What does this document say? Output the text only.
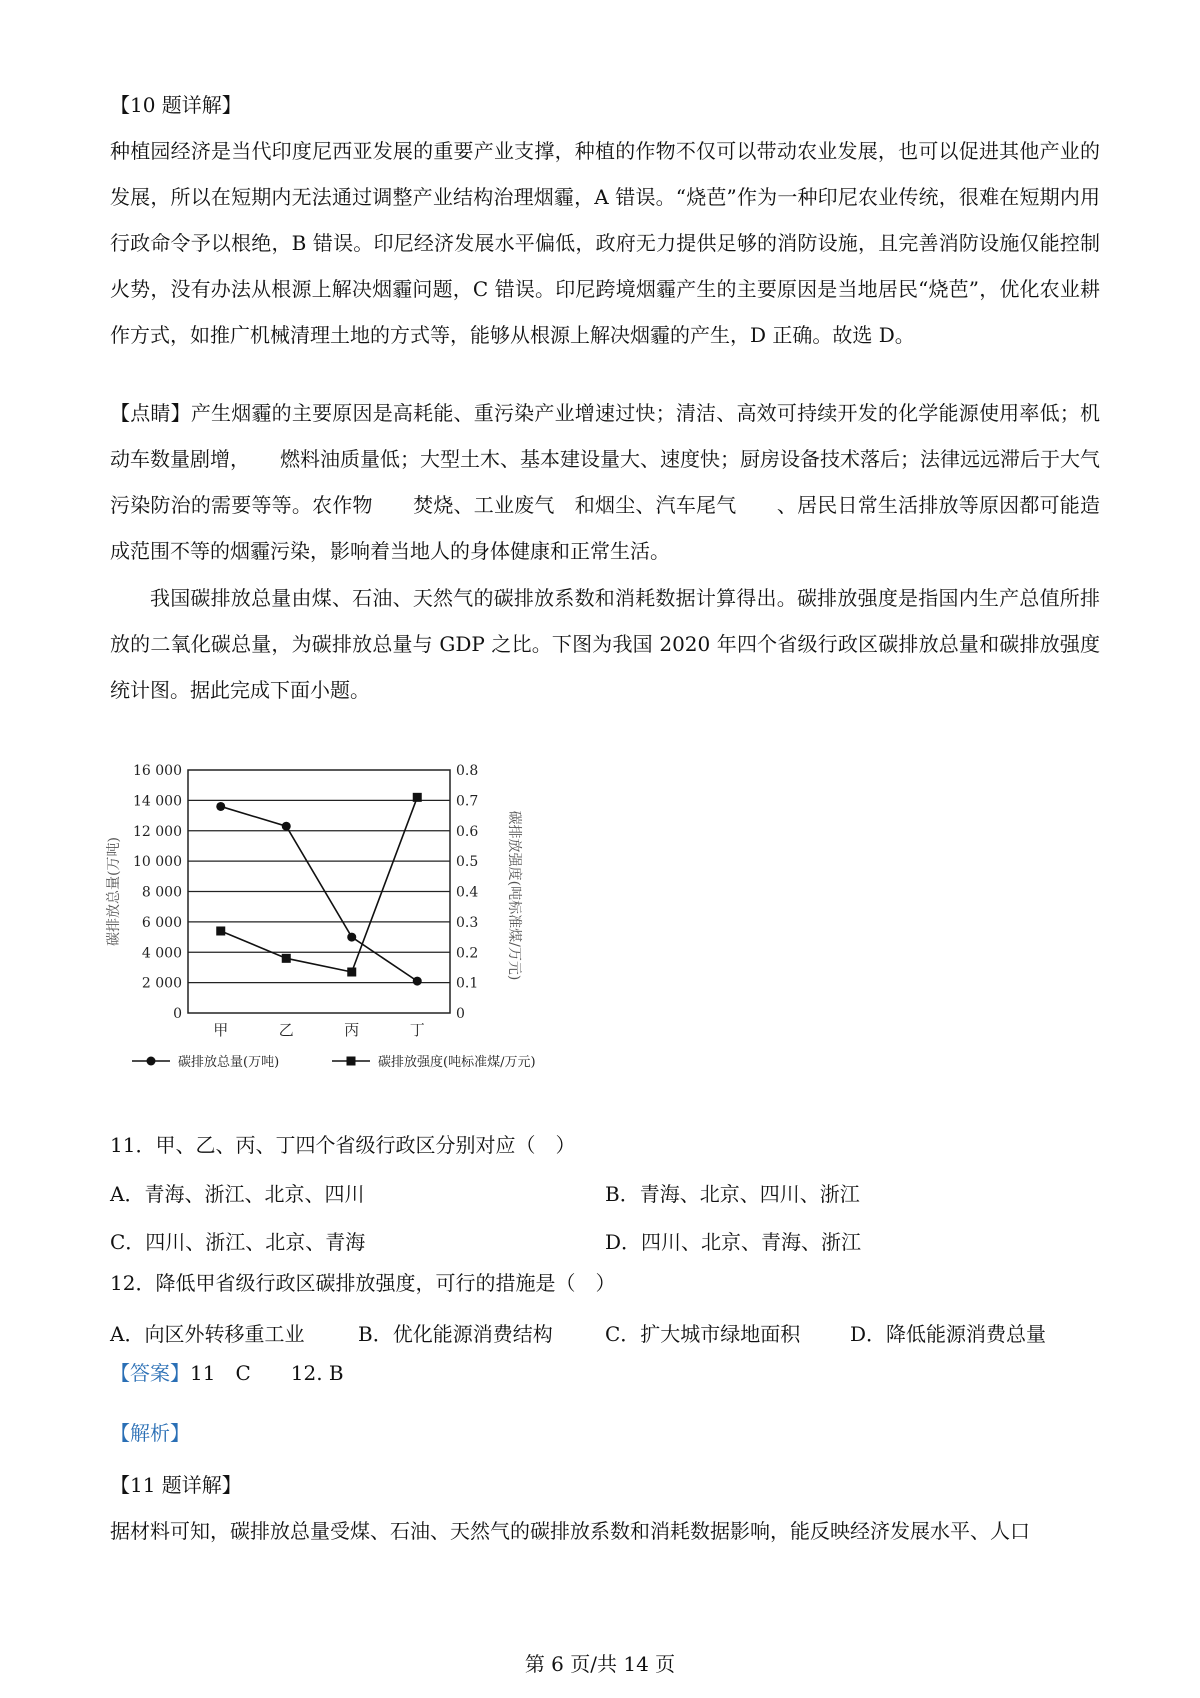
【10 题详解】

种植园经济是当代印度尼西亚发展的重要产业支撑，种植的作物不仅可以带动农业发展，也可以促进其他产业的发展，所以在短期内无法通过调整产业结构治理烟霾，A 错误。“烧芭”作为一种印尼农业传统，很难在短期内用行政命令予以根绝，B 错误。印尼经济发展水平偏低，政府无力提供足够的消防设施，且完善消防设施仅能控制火势，没有办法从根源上解决烟霾问题，C 错误。印尼跨境烟霾产生的主要原因是当地居民“烧芭”，优化农业耕作方式，如推广机械清理土地的方式等，能够从根源上解决烟霾的产生，D 正确。故选 D。

【点睛】产生烟霾的主要原因是高耗能、重污染产业增速过快；清洁、高效可持续开发的化学能源使用率低；机动车数量剧增，　　燃料油质量低；大型土木、基本建设量大、速度快；厨房设备技术落后；法律远远滞后于大气污染防治的需要等等。农作物　　焚烧、工业废气　和烟尘、汽车尾气　　、居民日常生活排放等原因都可能造成范围不等的烟霾污染，影响着当地人的身体健康和正常生活。

我国碳排放总量由煤、石油、天然气的碳排放系数和消耗数据计算得出。碳排放强度是指国内生产总值所排放的二氧化碳总量，为碳排放总量与 GDP 之比。下图为我国 2020 年四个省级行政区碳排放总量和碳排放强度统计图。据此完成下面小题。

0
2 000
4 000
6 000
8 000
10 000
12 000
14 000
16 000
0
0.1
0.2
0.3
0.4
0.5
0.6
0.7
0.8
甲	乙	丙	丁
碳排放总量(万吨)	碳排放强度(吨标准煤/万元)
碳排放总量(万吨)	碳排放强度(吨标准煤/万元)

11．甲、乙、丙、丁四个省级行政区分别对应（　）

A．青海、浙江、北京、四川	B．青海、北京、四川、浙江
C．四川、浙江、北京、青海	D．四川、北京、青海、浙江

12．降低甲省级行政区碳排放强度，可行的措施是（　）

A．向区外转移重工业	B．优化能源消费结构	C．扩大城市绿地面积 D．降低能源消费总量

【答案】11　C　　12. B

【解析】

【11 题详解】

据材料可知，碳排放总量受煤、石油、天然气的碳排放系数和消耗数据影响，能反映经济发展水平、人口

第 6 页/共 14 页
